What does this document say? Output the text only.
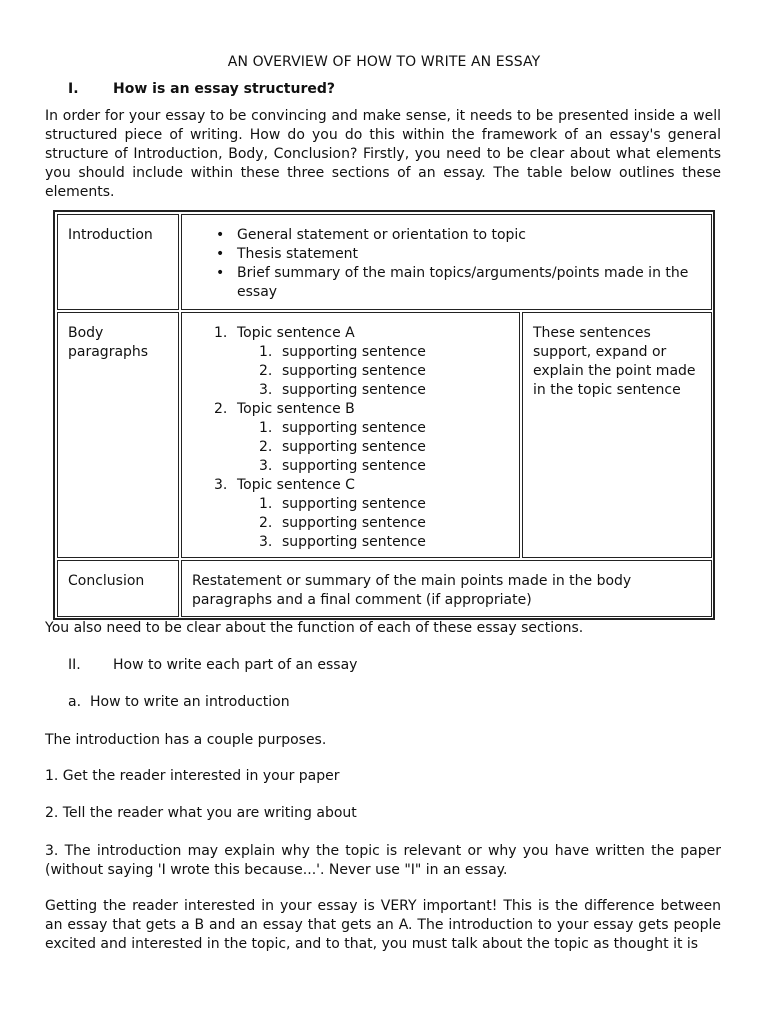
AN OVERVIEW OF HOW TO WRITE AN ESSAY
I. How is an essay structured?
In order for your essay to be convincing and make sense, it needs to be presented inside a well structured piece of writing. How do you do this within the framework of an essay's general structure of Introduction, Body, Conclusion? Firstly, you need to be clear about what elements you should include within these three sections of an essay. The table below outlines these elements.
Introduction
•	General statement or orientation to topic
• Thesis statement
• Brief summary of the main topics/arguments/points made in the essay
Body paragraphs
1. Topic sentence A
1. supporting sentence
2. supporting sentence
3. supporting sentence
2. Topic sentence B
1. supporting sentence
2. supporting sentence
3. supporting sentence
3. Topic sentence C
1. supporting sentence
2. supporting sentence
3. supporting sentence
These sentences support, expand or explain the point made in the topic sentence
Conclusion	Restatement or summary of the main points made in the body paragraphs and a final comment (if appropriate)
You also need to be clear about the function of each of these essay sections.
II. How to write each part of an essay
a. How to write an introduction
The introduction has a couple purposes.
1. Get the reader interested in your paper
2. Tell the reader what you are writing about
3. The introduction may explain why the topic is relevant or why you have written the paper (without saying 'I wrote this because...'. Never use "I" in an essay.
Getting the reader interested in your essay is VERY important! This is the difference between an essay that gets a B and an essay that gets an A. The introduction to your essay gets people excited and interested in the topic, and to that, you must talk about the topic as thought it is
